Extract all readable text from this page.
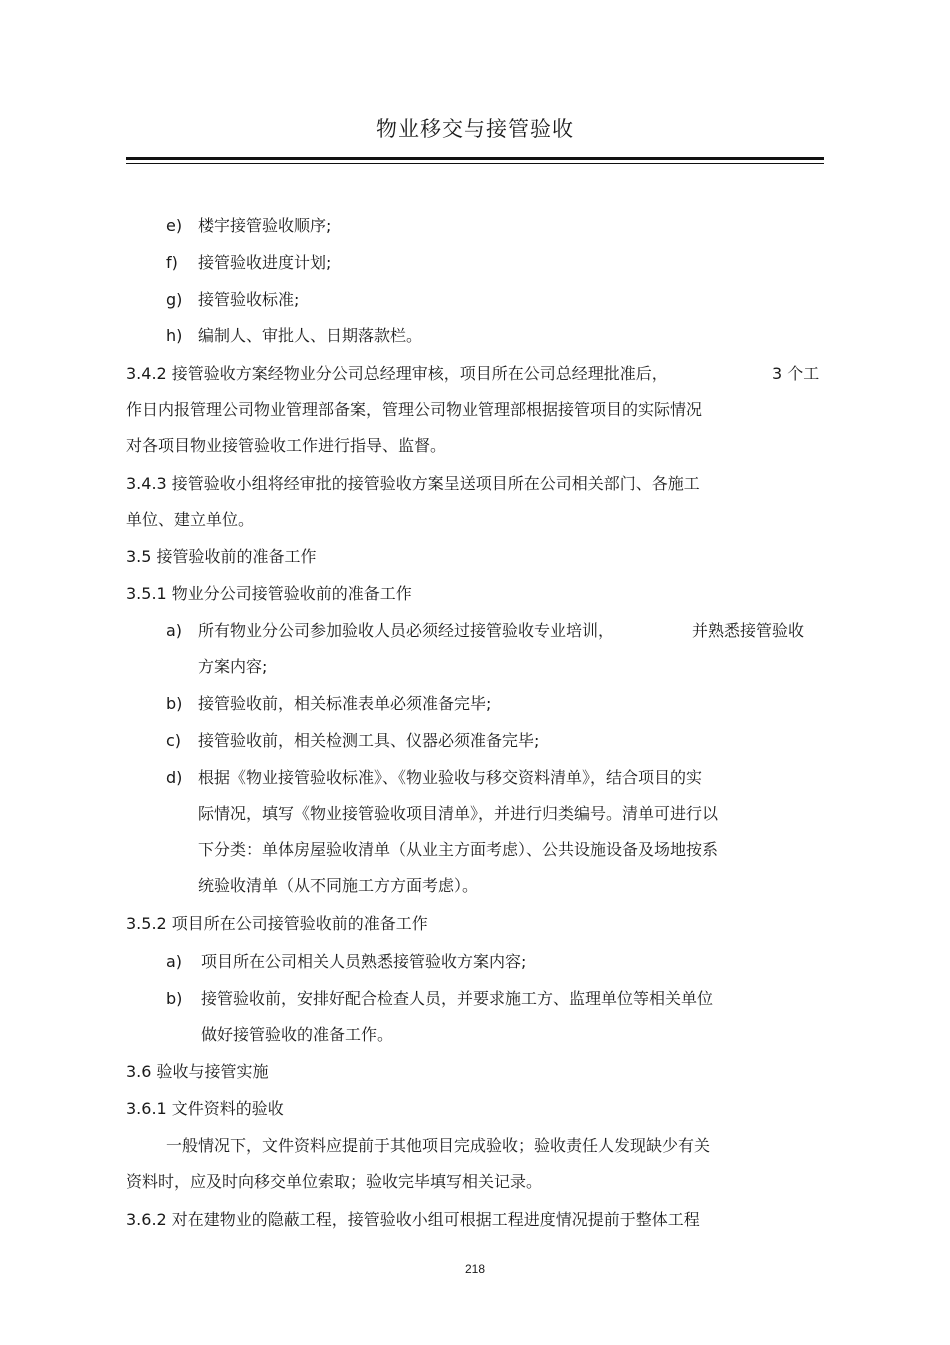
物业移交与接管验收
e) 楼宇接管验收顺序;
f) 接管验收进度计划;
g) 接管验收标准;
h) 编制人、审批人、日期落款栏。
3.4.2 接管验收方案经物业分公司总经理审核，项目所在公司总经理批准后，	3 个工
作日内报管理公司物业管理部备案，管理公司物业管理部根据接管项目的实际情况
对各项目物业接管验收工作进行指导、监督。
3.4.3 接管验收小组将经审批的接管验收方案呈送项目所在公司相关部门、各施工
单位、建立单位。
3.5 接管验收前的准备工作
3.5.1 物业分公司接管验收前的准备工作
a) 所有物业分公司参加验收人员必须经过接管验收专业培训，	并熟悉接管验收
方案内容;
b) 接管验收前，相关标准表单必须准备完毕;
c) 接管验收前，相关检测工具、仪器必须准备完毕;
d) 根据《物业接管验收标准》、《物业验收与移交资料清单》，结合项目的实
际情况，填写《物业接管验收项目清单》，并进行归类编号。清单可进行以
下分类：单体房屋验收清单（从业主方面考虑）、公共设施设备及场地按系
统验收清单（从不同施工方方面考虑）。
3.5.2 项目所在公司接管验收前的准备工作
a) 项目所在公司相关人员熟悉接管验收方案内容;
b) 接管验收前，安排好配合检查人员，并要求施工方、监理单位等相关单位
做好接管验收的准备工作。
3.6 验收与接管实施
3.6.1 文件资料的验收
一般情况下，文件资料应提前于其他项目完成验收；验收责任人发现缺少有关
资料时，应及时向移交单位索取；验收完毕填写相关记录。
3.6.2 对在建物业的隐蔽工程，接管验收小组可根据工程进度情况提前于整体工程
218
